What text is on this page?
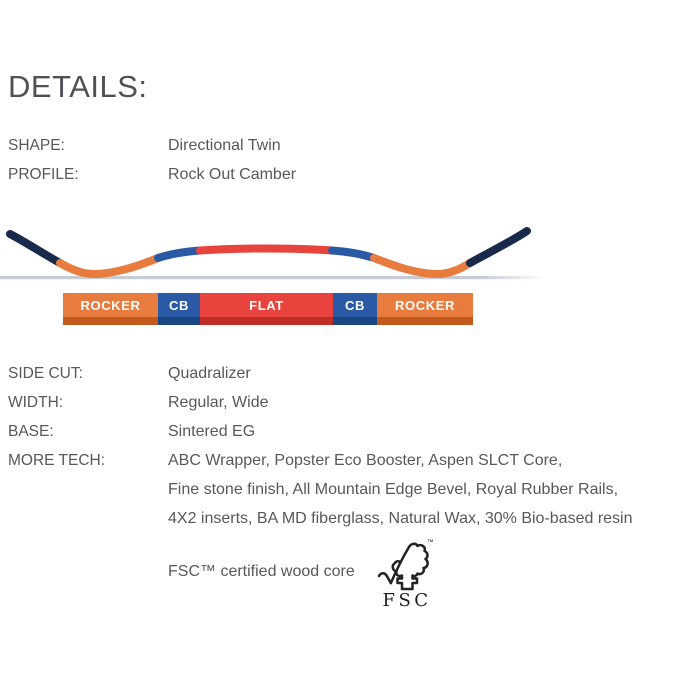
DETAILS:
SHAPE:	Directional Twin
PROFILE:	Rock Out Camber
ROCKER CB	FLAT	CB ROCKER
SIDE CUT:	Quadralizer
WIDTH:	Regular, Wide
BASE:	Sintered EG
MORE TECH:	ABC Wrapper, Popster Eco Booster, Aspen SLCT Core,
Fine stone finish, All Mountain Edge Bevel, Royal Rubber Rails,
4X2 inserts, BA MD fiberglass, Natural Wax, 30% Bio-based resin
FSC™ certified wood core
™
FSC
